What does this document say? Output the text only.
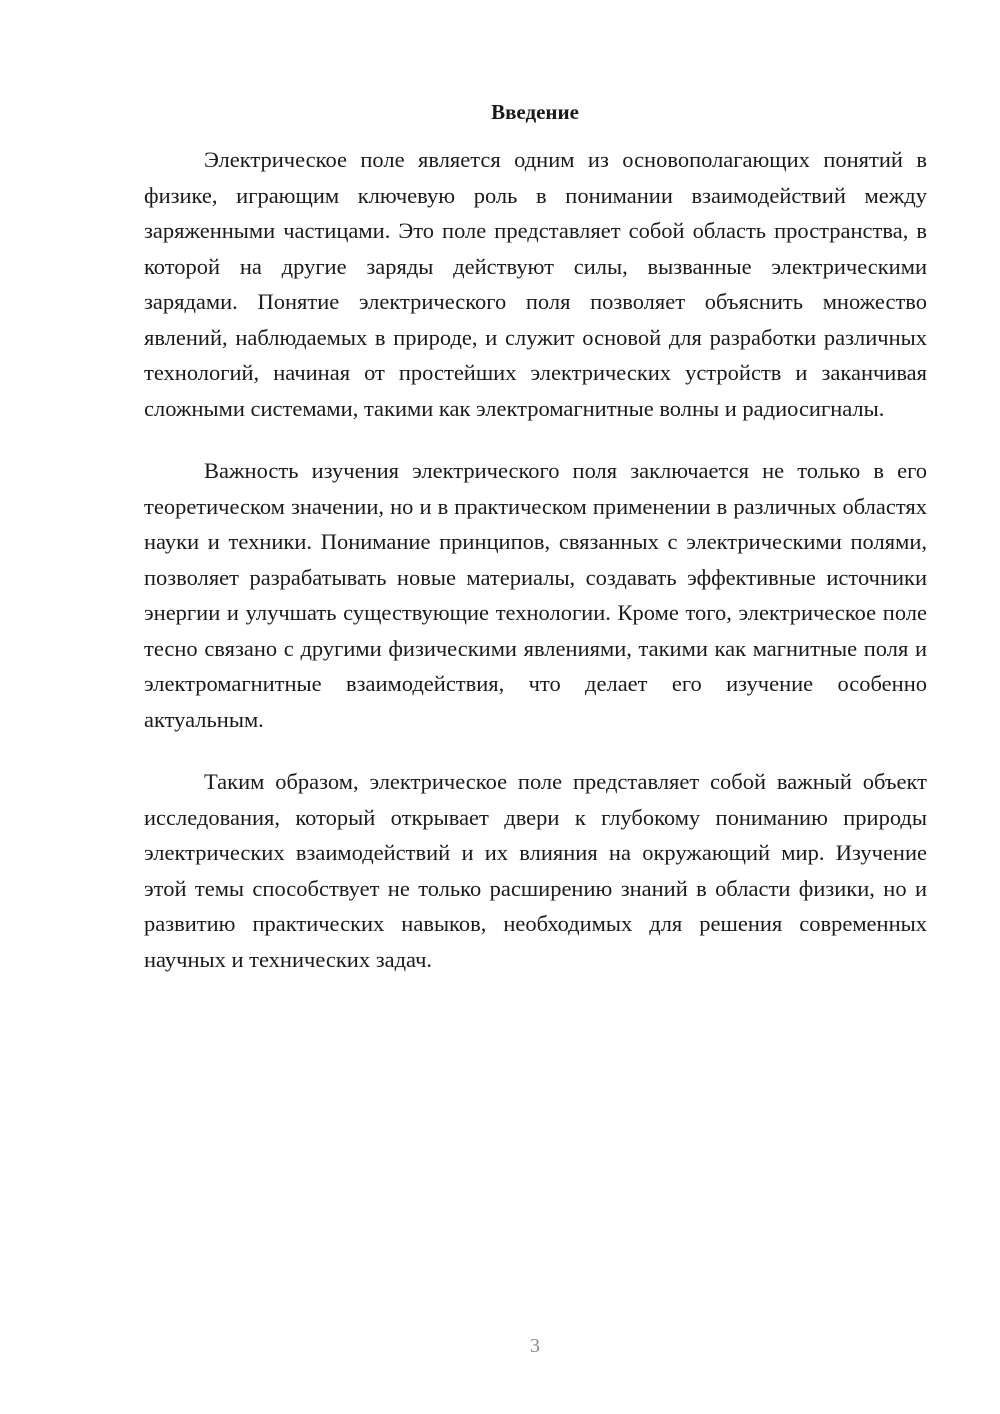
Введение

Электрическое поле является одним из основополагающих понятий в физике, играющим ключевую роль в понимании взаимодействий между заряженными частицами. Это поле представляет собой область пространства, в которой на другие заряды действуют силы, вызванные электрическими зарядами. Понятие электрического поля позволяет объяснить множество явлений, наблюдаемых в природе, и служит основой для разработки различных технологий, начиная от простейших электрических устройств и заканчивая сложными системами, такими как электромагнитные волны и радиосигналы.

Важность изучения электрического поля заключается не только в его теоретическом значении, но и в практическом применении в различных областях науки и техники. Понимание принципов, связанных с электрическими полями, позволяет разрабатывать новые материалы, создавать эффективные источники энергии и улучшать существующие технологии. Кроме того, электрическое поле тесно связано с другими физическими явлениями, такими как магнитные поля и электромагнитные взаимодействия, что делает его изучение особенно актуальным.

Таким образом, электрическое поле представляет собой важный объект исследования, который открывает двери к глубокому пониманию природы электрических взаимодействий и их влияния на окружающий мир. Изучение этой темы способствует не только расширению знаний в области физики, но и развитию практических навыков, необходимых для решения современных научных и технических задач.

3
